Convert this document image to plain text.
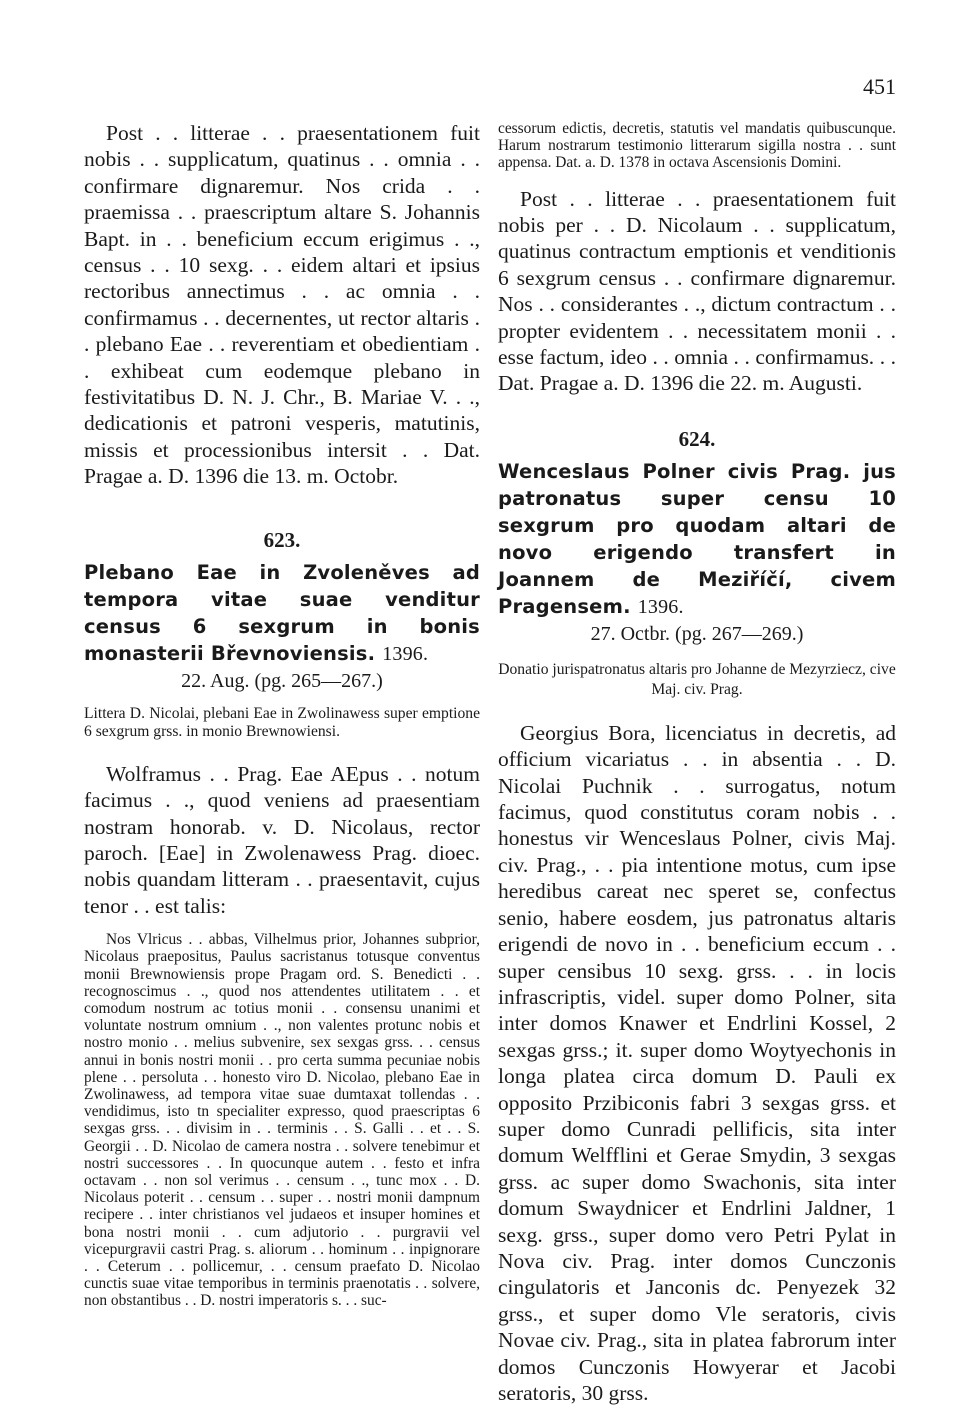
451

Post . . litterae . . praesentationem fuit nobis . . supplicatum, quatinus . . omnia . . confirmare dignaremur. Nos crida . . praemissa . . praescriptum altare S. Johannis Bapt. in . . beneficium eccum erigimus . ., census . . 10 sexg. . . eidem altari et ipsius rectoribus annectimus . . ac omnia . . confirmamus . . decernentes, ut rector altaris . . plebano Eae . . reverentiam et obedientiam . . exhibeat cum eodemque plebano in festivitatibus D. N. J. Chr., B. Mariae V. . ., dedicationis et patroni vesperis, matutinis, missis et processionibus intersit . . Dat. Pragae a. D. 1396 die 13. m. Octobr.

623.

Plebano Eae in Zvoleněves ad tempora vitae suae venditur census 6 sexgrum in bonis monasterii Břevnoviensis. 1396.

22. Aug. (pg. 265—267.)

Littera D. Nicolai, plebani Eae in Zwolinawess super emptione 6 sexgrum grss. in monio Brewnowiensi.

Wolframus . . Prag. Eae AEpus . . notum facimus . ., quod veniens ad praesentiam nostram honorab. v. D. Nicolaus, rector paroch. [Eae] in Zwolenawess Prag. dioec. nobis quandam litteram . . praesentavit, cujus tenor . . est talis:

Nos Vlricus . . abbas, Vilhelmus prior, Johannes subprior, Nicolaus praepositus, Paulus sacristanus totusque conventus monii Brewnowiensis prope Pragam ord. S. Benedicti . . recognoscimus . ., quod nos attendentes utilitatem . . et comodum nostrum ac totius monii . . consensu unanimi et voluntate nostrum omnium . ., non valentes protunc nobis et nostro monio . . melius subvenire, sex sexgas grss. . . census annui in bonis nostri monii . . pro certa summa pecuniae nobis plene . . persoluta . . honesto viro D. Nicolao, plebano Eae in Zwolinawess, ad tempora vitae suae dumtaxat tollendas . . vendidimus, isto tn specialiter expresso, quod praescriptas 6 sexgas grss. . . divisim in . . terminis . . S. Galli . . et . . S. Georgii . . D. Nicolao de camera nostra . . solvere tenebimur et nostri successores . . In quocunque autem . . festo et infra octavam . . non sol verimus . . censum . ., tunc mox . . D. Nicolaus poterit . . censum . . super . . nostri monii dampnum recipere . . inter christianos vel judaeos et insuper homines et bona nostri monii . . cum adjutorio . . purgravii vel vicepurgravii castri Prag. s. aliorum . . hominum . . inpignorare . . Ceterum . . pollicemur, . . censum praefato D. Nicolao cunctis suae vitae temporibus in terminis praenotatis . . solvere, non obstantibus . . D. nostri imperatoris s. . . suc-

cessorum edictis, decretis, statutis vel mandatis quibuscunque. Harum nostrarum testimonio litterarum sigilla nostra . . sunt appensa. Dat. a. D. 1378 in octava Ascensionis Domini.

Post . . litterae . . praesentationem fuit nobis per . . D. Nicolaum . . supplicatum, quatinus contractum emptionis et venditionis 6 sexgrum census . . confirmare dignaremur. Nos . . considerantes . ., dictum contractum . . propter evidentem . . necessitatem monii . . esse factum, ideo . . omnia . . confirmamus. . . Dat. Pragae a. D. 1396 die 22. m. Augusti.

624.

Wenceslaus Polner civis Prag. jus patronatus super censu 10 sexgrum pro quodam altari de novo erigendo transfert in Joannem de Meziříčí, civem Pragensem. 1396.

27. Octbr. (pg. 267—269.)

Donatio jurispatronatus altaris pro Johanne de Mezyrziecz, cive Maj. civ. Prag.

Georgius Bora, licenciatus in decretis, ad officium vicariatus . . in absentia . . D. Nicolai Puchnik . . surrogatus, notum facimus, quod constitutus coram nobis . . honestus vir Wenceslaus Polner, civis Maj. civ. Prag., . . pia intentione motus, cum ipse heredibus careat nec speret se, confectus senio, habere eosdem, jus patronatus altaris erigendi de novo in . . beneficium eccum . . super censibus 10 sexg. grss. . . in locis infrascriptis, videl. super domo Polner, sita inter domos Knawer et Endrlini Kossel, 2 sexgas grss.; it. super domo Woytyechonis in longa platea circa domum D. Pauli ex opposito Przibiconis fabri 3 sexgas grss. et super domo Cunradi pellificis, sita inter domum Welfflini et Gerae Smydin, 3 sexgas grss. ac super domo Swachonis, sita inter domum Swaydnicer et Endrlini Jaldner, 1 sexg. grss., super domo vero Petri Pylat in Nova civ. Prag. inter domos Cunczonis cingulatoris et Janconis dc. Penyezek 32 grss., et super domo Vle seratoris, civis Novae civ. Prag., sita in platea fabrorum inter domos Cunczonis Howyerar et Jacobi seratoris, 30 grss.
